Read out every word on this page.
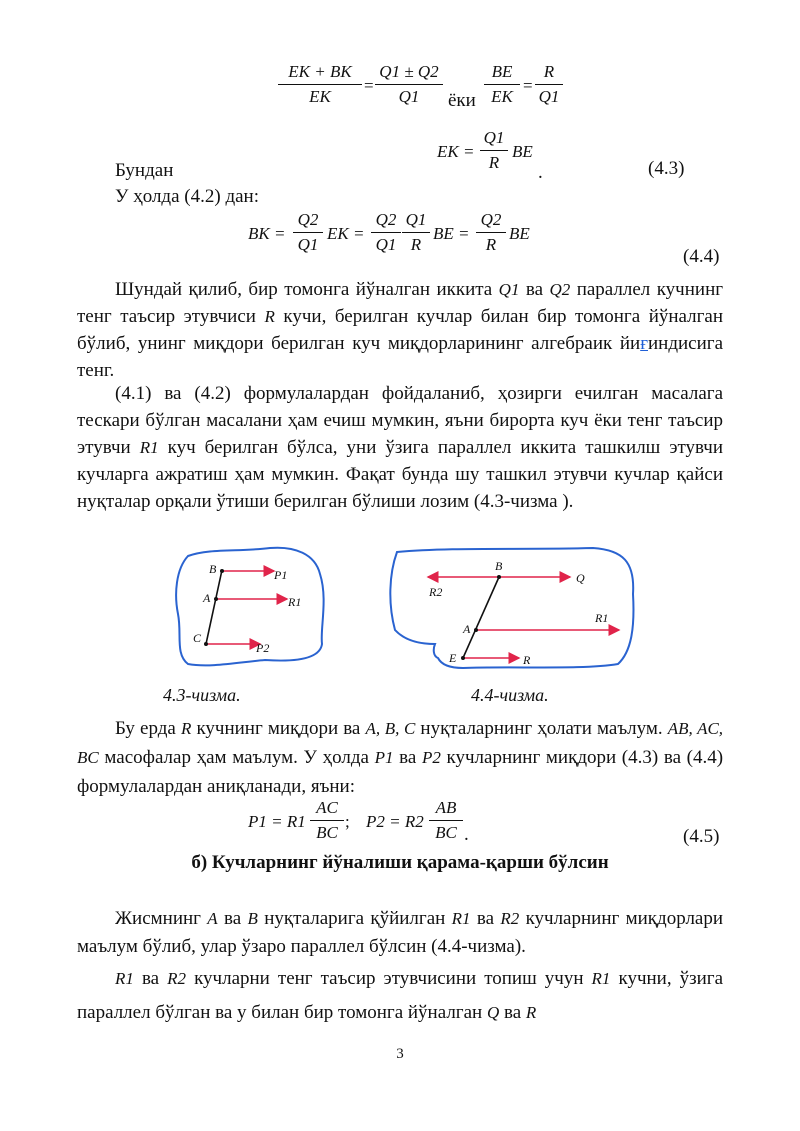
$\frac{EK + BK}{EK} = \frac{Q1 \pm Q2}{Q1}$ ёки $\frac{BE}{EK} = \frac{R}{Q1}$
Бундан
EK = $\frac{Q1}{R}$ BE
.	(4.3)
У ҳолда (4.2) дан:
BK = $\frac{Q2}{Q1}$ EK = $\frac{Q2}{Q1} \frac{Q1}{R}$ BE = $\frac{Q2}{R}$ BE
(4.4)
Шундай қилиб, бир томонга йўналган иккита Q1 ва Q2 параллел кучнинг тенг таъсир этувчиси R кучи, берилган кучлар билан бир томонга йўналган бўлиб, унинг миқдори берилган куч миқдорларининг алгебраик йиғиндисига тенг.
(4.1) ва (4.2) формулалардан фойдаланиб, ҳозирги ечилган масалага тескари бўлган масалани ҳам ечиш мумкин, яъни бирорта куч ёки тенг таъсир этувчи R1 куч берилган бўлса, уни ўзига параллел иккита ташкилш этувчи кучларга ажратиш ҳам мумкин. Фақат бунда шу ташкил этувчи кучлар қайси нуқталар орқали ўтиши берилган бўлиши лозим (4.3-чизма ).
B
A
C
P1
R1
P2
B
Q
R2
R1
A
E	R
4.3-чизма.	4.4-чизма.
Бу ерда R кучнинг миқдори ва A, B, C нуқталарнинг ҳолати маълум. AB, AC, BC масофалар ҳам маълум. У ҳолда P1 ва P2 кучларнинг миқдори (4.3) ва (4.4) формулалардан аниқланади, яъни:
$P1 = R1 \frac{AC}{BC}$ ; $P2 = R2 \frac{AB}{BC}$ .	(4.5)
б) Кучларнинг йўналиши қарама-қарши бўлсин
Жисмнинг A ва B нуқталарига қўйилган R1 ва R2 кучларнинг миқдорлари маълум бўлиб, улар ўзаро параллел бўлсин (4.4-чизма).
R1 ва R2 кучларни тенг таъсир этувчисини топиш учун R1 кучни, ўзига параллел бўлган ва у билан бир томонга йўналган Q ва R
3
